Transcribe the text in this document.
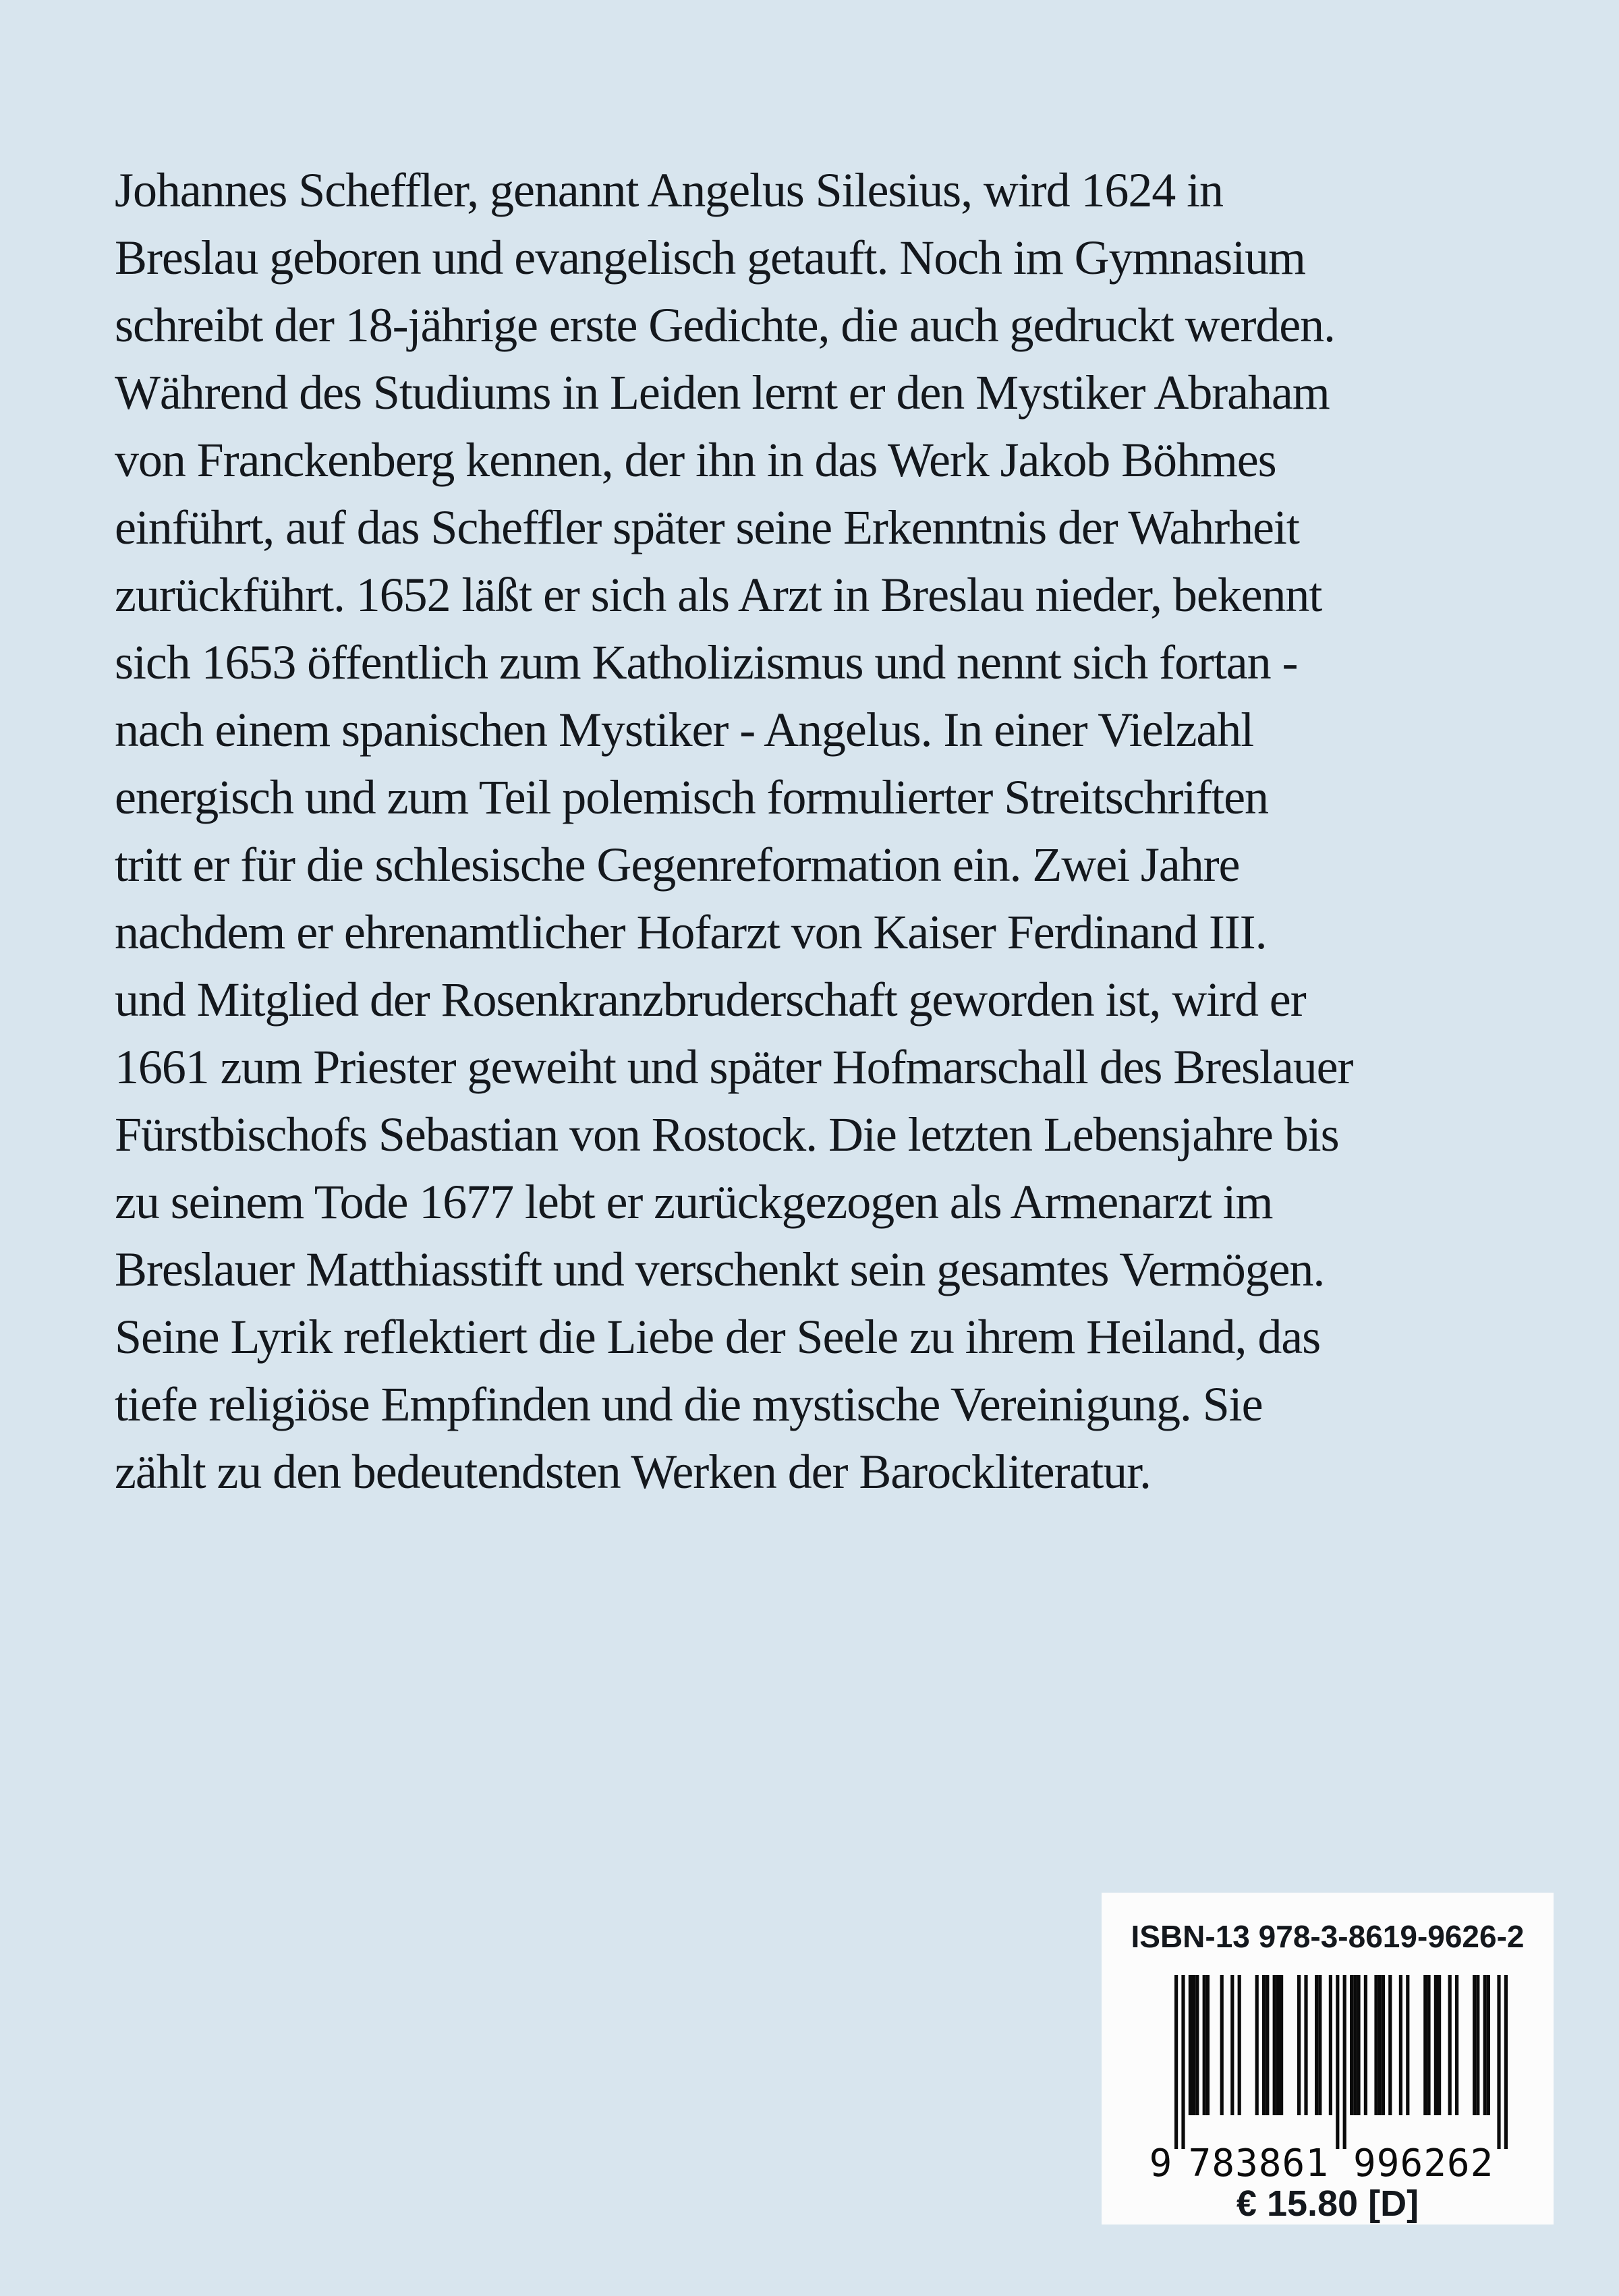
Johannes Scheffler, genannt Angelus Silesius, wird 1624 in
Breslau geboren und evangelisch getauft. Noch im Gymnasium
schreibt der 18-jährige erste Gedichte, die auch gedruckt werden.
Während des Studiums in Leiden lernt er den Mystiker Abraham
von Franckenberg kennen, der ihn in das Werk Jakob Böhmes
einführt, auf das Scheffler später seine Erkenntnis der Wahrheit
zurückführt. 1652 läßt er sich als Arzt in Breslau nieder, bekennt
sich 1653 öffentlich zum Katholizismus und nennt sich fortan -
nach einem spanischen Mystiker - Angelus. In einer Vielzahl
energisch und zum Teil polemisch formulierter Streitschriften
tritt er für die schlesische Gegenreformation ein. Zwei Jahre
nachdem er ehrenamtlicher Hofarzt von Kaiser Ferdinand III.
und Mitglied der Rosenkranzbruderschaft geworden ist, wird er
1661 zum Priester geweiht und später Hofmarschall des Breslauer
Fürstbischofs Sebastian von Rostock. Die letzten Lebensjahre bis
zu seinem Tode 1677 lebt er zurückgezogen als Armenarzt im
Breslauer Matthiasstift und verschenkt sein gesamtes Vermögen.
Seine Lyrik reflektiert die Liebe der Seele zu ihrem Heiland, das
tiefe religiöse Empfinden und die mystische Vereinigung. Sie
zählt zu den bedeutendsten Werken der Barockliteratur.
ISBN-13 978-3-8619-9626-2
9 783861 996262
€ 15.80 [D]
